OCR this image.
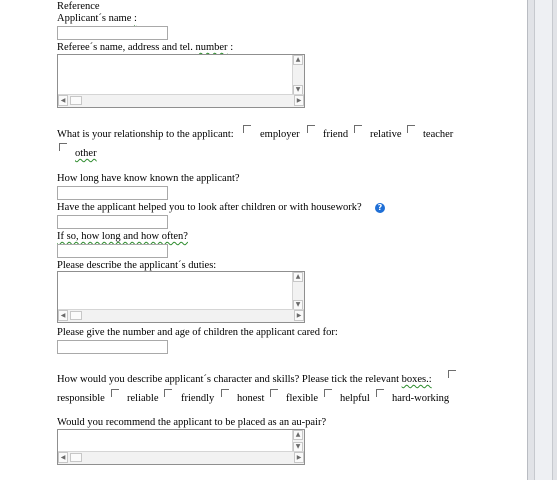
Reference
Applicant´s name :
Referee´s name, address and tel. number :
▲
▼
◀	▶
What is your relationship to the applicant:	employer friend relative teacher
other
How long have know known the applicant?
Have the applicant helped you to look after children or with housework?	?
If so, how long and how often?
Please describe the applicant´s duties:
▲
▼
◀	▶
Please give the number and age of children the applicant cared for:
How would you describe applicant´s character and skills? Please tick the relevant boxes.:
responsible reliable friendly honest flexible helpful hard-working
Would you recommend the applicant to be placed as an au-pair?
▲
▼
◀	▶
